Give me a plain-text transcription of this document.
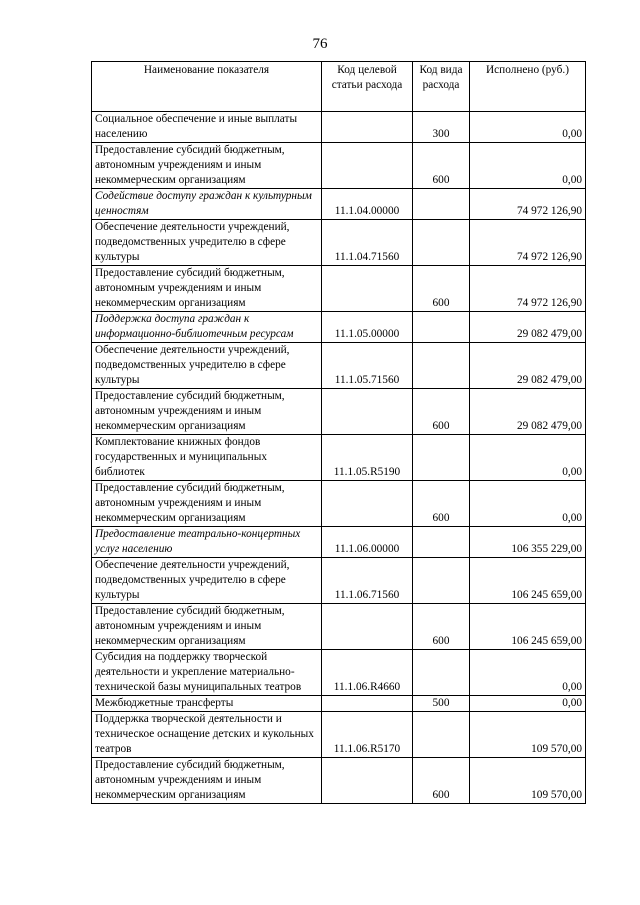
76
Наименование показателя	Код целевой статьи расхода	Код вида расхода	Исполнено (руб.)
Социальное обеспечение и иные выплаты населению		300	0,00
Предоставление субсидий бюджетным, автономным учреждениям и иным некоммерческим организациям		600	0,00
Содействие доступу граждан к культурным ценностям	11.1.04.00000		74 972 126,90
Обеспечение деятельности учреждений, подведомственных учредителю в сфере культуры	11.1.04.71560		74 972 126,90
Предоставление субсидий бюджетным, автономным учреждениям и иным некоммерческим организациям		600	74 972 126,90
Поддержка доступа граждан к информационно-библиотечным ресурсам	11.1.05.00000		29 082 479,00
Обеспечение деятельности учреждений, подведомственных учредителю в сфере культуры	11.1.05.71560		29 082 479,00
Предоставление субсидий бюджетным, автономным учреждениям и иным некоммерческим организациям		600	29 082 479,00
Комплектование книжных фондов государственных и муниципальных библиотек	11.1.05.R5190		0,00
Предоставление субсидий бюджетным, автономным учреждениям и иным некоммерческим организациям		600	0,00
Предоставление театрально-концертных услуг населению	11.1.06.00000		106 355 229,00
Обеспечение деятельности учреждений, подведомственных учредителю в сфере культуры	11.1.06.71560		106 245 659,00
Предоставление субсидий бюджетным, автономным учреждениям и иным некоммерческим организациям		600	106 245 659,00
Субсидия на поддержку творческой деятельности и укрепление материально-технической базы муниципальных театров	11.1.06.R4660		0,00
Межбюджетные трансферты		500	0,00
Поддержка творческой деятельности и техническое оснащение детских и кукольных театров	11.1.06.R5170		109 570,00
Предоставление субсидий бюджетным, автономным учреждениям и иным некоммерческим организациям		600	109 570,00
